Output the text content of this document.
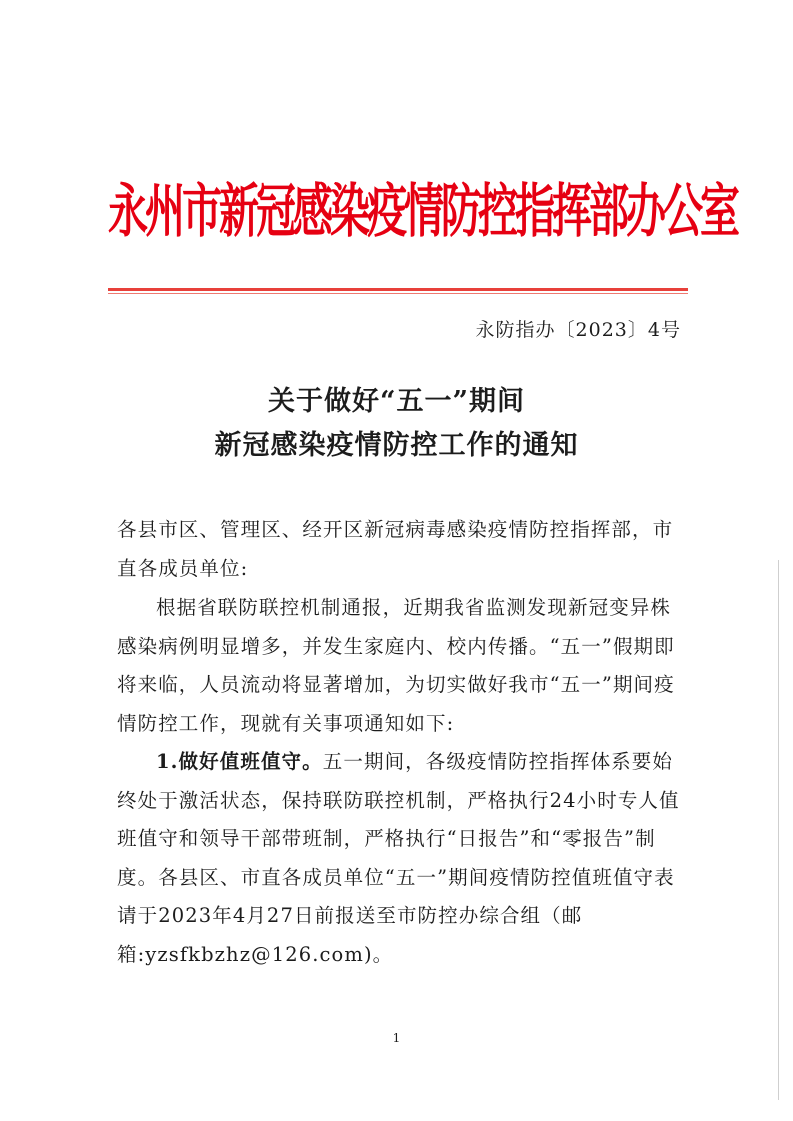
永州市新冠感染疫情防控指挥部办公室
永防指办〔2023〕4号
关于做好“五一”期间
新冠感染疫情防控工作的通知
各县市区、管理区、经开区新冠病毒感染疫情防控指挥部，市直各成员单位:

根据省联防联控机制通报，近期我省监测发现新冠变异株感染病例明显增多，并发生家庭内、校内传播。“五一”假期即将来临，人员流动将显著增加，为切实做好我市“五一”期间疫情防控工作，现就有关事项通知如下:

1.做好值班值守。五一期间，各级疫情防控指挥体系要始终处于激活状态，保持联防联控机制，严格执行24小时专人值班值守和领导干部带班制，严格执行“日报告”和“零报告”制度。各县区、市直各成员单位“五一”期间疫情防控值班值守表请于2023年4月27日前报送至市防控办综合组（邮箱:yzsfkbzhz@126.com)。

1
